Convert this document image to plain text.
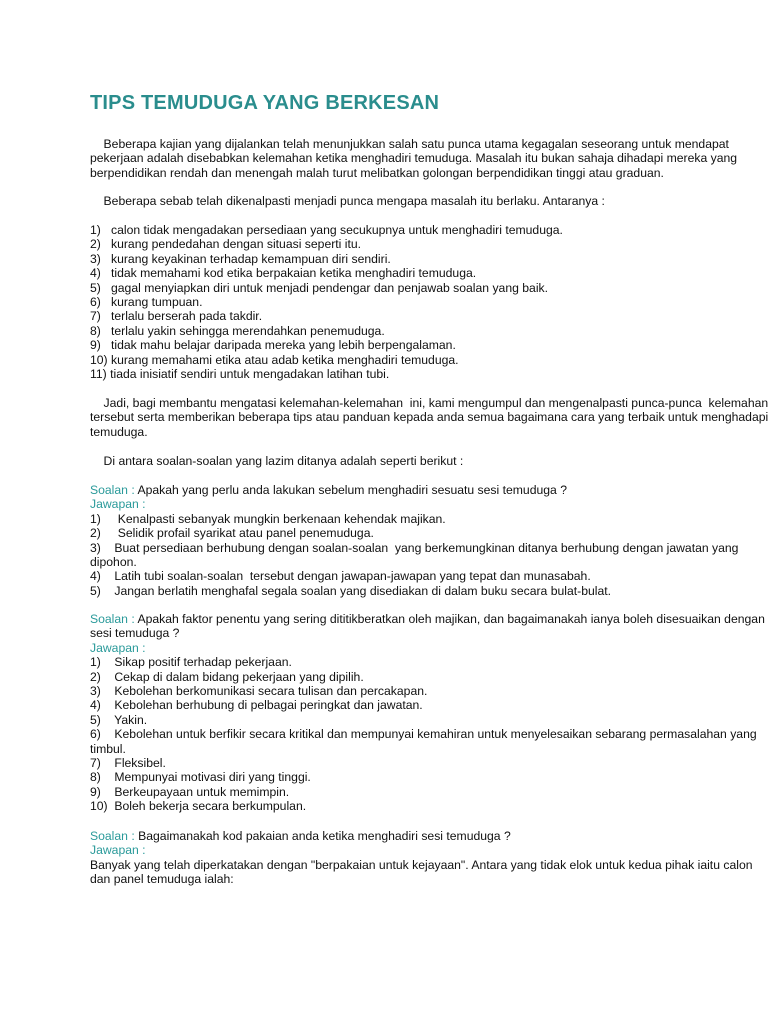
TIPS TEMUDUGA YANG BERKESAN
Beberapa kajian yang dijalankan telah menunjukkan salah satu punca utama kegagalan seseorang untuk mendapat
pekerjaan adalah disebabkan kelemahan ketika menghadiri temuduga. Masalah itu bukan sahaja dihadapi mereka yang
berpendidikan rendah dan menengah malah turut melibatkan golongan berpendidikan tinggi atau graduan.
Beberapa sebab telah dikenalpasti menjadi punca mengapa masalah itu berlaku. Antaranya :
1)   calon tidak mengadakan persediaan yang secukupnya untuk menghadiri temuduga.
2)   kurang pendedahan dengan situasi seperti itu.
3)   kurang keyakinan terhadap kemampuan diri sendiri.
4)   tidak memahami kod etika berpakaian ketika menghadiri temuduga.
5)   gagal menyiapkan diri untuk menjadi pendengar dan penjawab soalan yang baik.
6)   kurang tumpuan.
7)   terlalu berserah pada takdir.
8)   terlalu yakin sehingga merendahkan penemuduga.
9)   tidak mahu belajar daripada mereka yang lebih berpengalaman.
10) kurang memahami etika atau adab ketika menghadiri temuduga.
11) tiada inisiatif sendiri untuk mengadakan latihan tubi.
Jadi, bagi membantu mengatasi kelemahan-kelemahan  ini, kami mengumpul dan mengenalpasti punca-punca  kelemahan
tersebut serta memberikan beberapa tips atau panduan kepada anda semua bagaimana cara yang terbaik untuk menghadapi
temuduga.
Di antara soalan-soalan yang lazim ditanya adalah seperti berikut :
Soalan : Apakah yang perlu anda lakukan sebelum menghadiri sesuatu sesi temuduga ?
Jawapan :
1)     Kenalpasti sebanyak mungkin berkenaan kehendak majikan.
2)     Selidik profail syarikat atau panel penemuduga.
3)    Buat persediaan berhubung dengan soalan-soalan  yang berkemungkinan ditanya berhubung dengan jawatan yang
dipohon.
4)    Latih tubi soalan-soalan  tersebut dengan jawapan-jawapan yang tepat dan munasabah.
5)    Jangan berlatih menghafal segala soalan yang disediakan di dalam buku secara bulat-bulat.
Soalan : Apakah faktor penentu yang sering dititikberatkan oleh majikan, dan bagaimanakah ianya boleh disesuaikan dengan
sesi temuduga ?
Jawapan :
1)    Sikap positif terhadap pekerjaan.
2)    Cekap di dalam bidang pekerjaan yang dipilih.
3)    Kebolehan berkomunikasi secara tulisan dan percakapan.
4)    Kebolehan berhubung di pelbagai peringkat dan jawatan.
5)    Yakin.
6)    Kebolehan untuk berfikir secara kritikal dan mempunyai kemahiran untuk menyelesaikan sebarang permasalahan yang
timbul.
7)    Fleksibel.
8)    Mempunyai motivasi diri yang tinggi.
9)    Berkeupayaan untuk memimpin.
10)  Boleh bekerja secara berkumpulan.
Soalan : Bagaimanakah kod pakaian anda ketika menghadiri sesi temuduga ?
Jawapan :
Banyak yang telah diperkatakan dengan "berpakaian untuk kejayaan". Antara yang tidak elok untuk kedua pihak iaitu calon
dan panel temuduga ialah:
